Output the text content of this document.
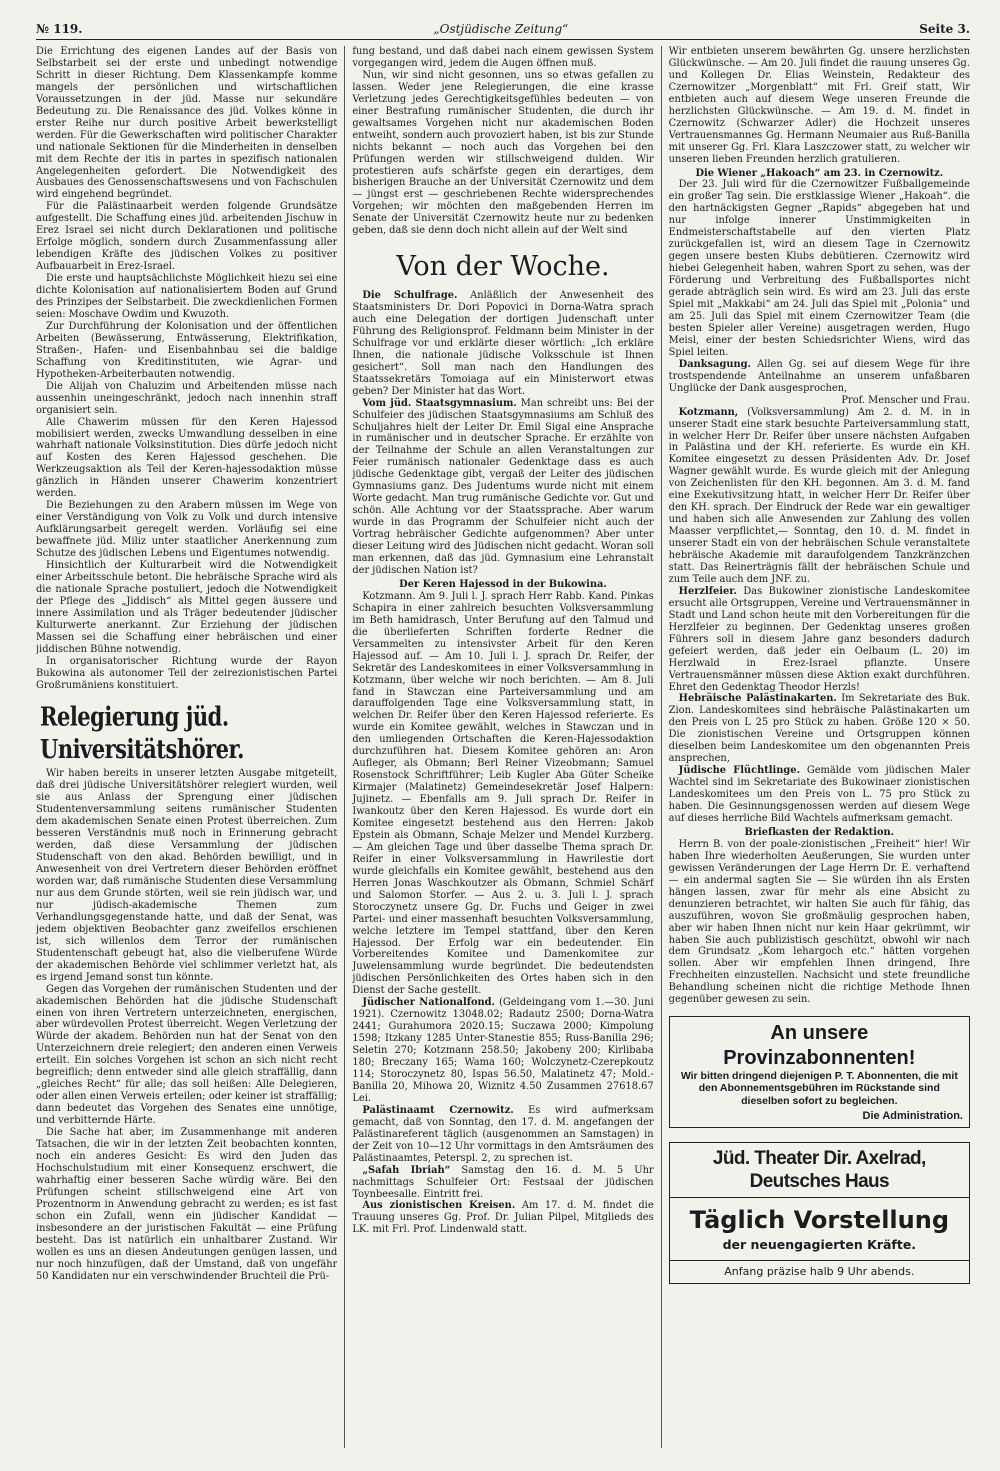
№ 119.	„Ostjüdische Zeitung“	Seite 3.

Die Errichtung des eigenen Landes auf der Basis von Selbstarbeit sei der erste und unbedingt notwendige Schritt in dieser Richtung. Dem Klassenkampfe komme mangels der persönlichen und wirtschaftlichen Voraussetzungen in der jüd. Masse nur sekundäre Bedeutung zu. Die Renaissance des jüd. Volkes könne in erster Reihe nur durch positive Arbeit bewerkstelligt werden. Für die Gewerkschaften wird politischer Charakter und nationale Sektionen für die Minderheiten in denselben mit dem Rechte der itis in partes in spezifisch nationalen Angelegenheiten gefordert. Die Notwendigkeit des Ausbaues des Genossenschaftswesens und von Fachschulen wird eingehend begründet.

Für die Palästinaarbeit werden folgende Grundsätze aufgestellt. Die Schaffung eines jüd. arbeitenden Jischuw in Erez Israel sei nicht durch Deklarationen und politische Erfolge möglich, sondern durch Zusammenfassung aller lebendigen Kräfte des jüdischen Volkes zu positiver Aufbauarbeit in Erez-Israel.

Die erste und hauptsächlichste Möglichkeit hiezu sei eine dichte Kolonisation auf nationalisiertem Boden auf Grund des Prinzipes der Selbstarbeit. Die zweckdienlichen Formen seien: Moschave Owdim und Kwuzoth.

Zur Durchführung der Kolonisation und der öffentlichen Arbeiten (Bewässerung, Entwässerung, Elektrifikation, Straßen-, Hafen- und Eisenbahnbau sei die baldige Schaffung von Kreditinstituten, wie Agrar- und Hypotheken-Arbeiterbauten notwendig.

Die Alijah von Chaluzim und Arbeitenden müsse nach aussenhin uneingeschränkt, jedoch nach innenhin straff organisiert sein.

Alle Chawerim müssen für den Keren Hajessod mobilisiert werden, zwecks Umwandlung desselben in eine wahrhaft nationale Volksinstitution. Dies dürfe jedoch nicht auf Kosten des Keren Hajessod geschehen. Die Werkzeugsaktion als Teil der Keren-hajessodaktion müsse gänzlich in Händen unserer Chawerim konzentriert werden.

Die Beziehungen zu den Arabern müssen im Wege von einer Verständigung von Volk zu Volk und durch intensive Aufklärungsarbeit geregelt werden. Vorläufig sei eine bewaffnete jüd. Miliz unter staatlicher Anerkennung zum Schutze des jüdischen Lebens und Eigentumes notwendig.

Hinsichtlich der Kulturarbeit wird die Notwendigkeit einer Arbeitsschule betont. Die hebräische Sprache wird als die nationale Sprache postuliert, jedoch die Notwendigkeit der Pflege des „Jiddisch“ als Mittel gegen äussere und innere Assimilation und als Träger bedeutender jüdischer Kulturwerte anerkannt. Zur Erziehung der jüdischen Massen sei die Schaffung einer hebräischen und einer jiddischen Bühne notwendig.

In organisatorischer Richtung wurde der Rayon Bukowina als autonomer Teil der zeirezionistischen Partei Großrumäniens konstituiert.

Relegierung jüd. Universitätshörer.

Wir haben bereits in unserer letzten Ausgabe mitgeteilt, daß drei jüdische Universitätshörer relegiert wurden, weil sie aus Anlass der Sprengung einer jüdischen Studentenversammlung seitens rumänischer Studenten dem akademischen Senate einen Protest überreichen. Zum besseren Verständnis muß noch in Erinnerung gebracht werden, daß diese Versammlung der jüdischen Studenschaft von den akad. Behörden bewilligt, und in Anwesenheit von drei Vertretern dieser Behörden eröffnet worden war, daß rumänische Studenten diese Versammlung nur aus dem Grunde störten, weil sie rein jüdisch war, und nur jüdisch-akademische Themen zum Verhandlungsgegenstande hatte, und daß der Senat, was jedem objektiven Beobachter ganz zweifellos erschienen ist, sich willenlos dem Terror der rumänischen Studentenschaft gebeugt hat, also die vielberufene Würde der akademischen Behörde viel schlimmer verletzt hat, als es irgend Jemand sonst tun könnte.

Gegen das Vorgehen der rumänischen Studenten und der akademischen Behörden hat die jüdische Studenschaft einen von ihren Vertretern unterzeichneten, energischen, aber würdevollen Protest überreicht. Wegen Verletzung der Würde der akadem. Behörden nun hat der Senat von den Unterzeichnern dreie relegiert; den anderen einen Verweis erteilt. Ein solches Vorgehen ist schon an sich nicht recht begreiflich; denn entweder sind alle gleich straffällig, dann „gleiches Recht“ für alle; das soll heißen: Alle Delegieren, oder allen einen Verweis erteilen; oder keiner ist straffällig; dann bedeutet das Vorgehen des Senates eine unnötige, und verbitternde Härte.

Die Sache hat aber, im Zusammenhange mit anderen Tatsachen, die wir in der letzten Zeit beobachten konnten, noch ein anderes Gesicht: Es wird den Juden das Hochschulstudium mit einer Konsequenz erschwert, die wahrhaftig einer besseren Sache würdig wäre. Bei den Prüfungen scheint stillschweigend eine Art von Prozentnorm in Anwendung gebracht zu werden; es ist fast schon ein Zufall, wenn ein jüdischer Kandidat — insbesondere an der juristischen Fakultät — eine Prüfung besteht. Das ist natürlich ein unhaltbarer Zustand. Wir wollen es uns an diesen Andeutungen genügen lassen, und nur noch hinzufügen, daß der Umstand, daß von ungefähr 50 Kandidaten nur ein verschwindender Bruchteil die Prü-

fung bestand, und daß dabei nach einem gewissen System vorgegangen wird, jedem die Augen öffnen muß.

Nun, wir sind nicht gesonnen, uns so etwas gefallen zu lassen. Weder jene Relegierungen, die eine krasse Verletzung jedes Gerechtigkeitsgefühles bedeuten — von einer Bestrafung rumänischer Studenten, die durch ihr gewaltsames Vorgehen nicht nur akademischen Boden entweiht, sondern auch provoziert haben, ist bis zur Stunde nichts bekannt — noch auch das Vorgehen bei den Prüfungen werden wir stillschweigend dulden. Wir protestieren aufs schärfste gegen ein derartiges, dem bisherigen Brauche an der Universität Czernowitz und dem — jüngst erst — geschriebenen Rechte widersprechendes Vorgehen; wir möchten den maßgebenden Herren im Senate der Universität Czernowitz heute nur zu bedenken geben, daß sie denn doch nicht allein auf der Welt sind

Von der Woche.

Die Schulfrage. Anläßlich der Anwesenheit des Staatsministers Dr. Dori Popovici in Dorna-Watra sprach auch eine Delegation der dortigen Judenschaft unter Führung des Religionsprof. Feldmann beim Minister in der Schulfrage vor und erklärte dieser wörtlich: „Ich erkläre Ihnen, die nationale jüdische Volksschule ist Ihnen gesichert“. Soll man nach den Handlungen des Staatssekretärs Tomoiaga auf ein Ministerwort etwas geben? Der Minister hat das Wort.

Vom jüd. Staatsgymnasium. Man schreibt uns: Bei der Schulfeier des jüdischen Staatsgymnasiums am Schluß des Schuljahres hielt der Leiter Dr. Emil Sigal eine Ansprache in rumänischer und in deutscher Sprache. Er erzählte von der Teilnahme der Schule an allen Veranstaltungen zur Feier rumänisch nationaler Gedenktage dass es auch jüdische Gedenktage gibt, vergaß der Leiter des jüdischen Gymnasiums ganz. Des Judentums wurde nicht mit einem Worte gedacht. Man trug rumänische Gedichte vor. Gut und schön. Alle Achtung vor der Staatssprache. Aber warum wurde in das Programm der Schulfeier nicht auch der Vortrag hebräischer Gedichte aufgenommen? Aber unter dieser Leitung wird des Jüdischen nicht gedacht. Woran soll man erkennen, daß das jüd. Gymnasium eine Lehranstalt der jüdischen Nation ist?

Der Keren Hajessod in der Bukowina.

Kotzmann. Am 9. Juli l. J. sprach Herr Rabb. Kand. Pinkas Schapira in einer zahlreich besuchten Volksversammlung im Beth hamidrasch, Unter Berufung auf den Talmud und die überlieferten Schriften forderte Redner die Versammelten zu intensivster Arbeit für den Keren Hajessod auf. — Am 10. Juli l. J. sprach Dr. Reifer, der Sekretär des Landeskomitees in einer Volksversammlung in Kotzmann, über welche wir noch berichten. — Am 8. Juli fand in Stawczan eine Parteiversammlung und am darauffolgenden Tage eine Volksversammlung statt, in welchen Dr. Reifer über den Keren Hajessod referierte. Es wurde ein Komitee gewählt, welches in Stawczan und in den umliegenden Ortschaften die Keren-Hajessodaktion durchzuführen hat. Diesem Komitee gehören an: Aron Aufleger, als Obmann; Berl Reiner Vizeobmann; Samuel Rosenstock Schriftführer; Leib Kugler Aba Güter Scheike Kirmajer (Malatinetz) Gemeindesekretär Josef Halpern: Jujinetz. — Ebenfalls am 9. Juli sprach Dr. Reifer in Iwankoutz über den Keren Hajessod. Es wurde dort ein Komitee eingesetzt bestehend aus den Herren: Jakob Epstein als Obmann, Schaje Melzer und Mendel Kurzberg.— Am gleichen Tage und über dasselbe Thema sprach Dr. Reifer in einer Volksversammlung in Hawrilestie dort wurde gleichfalls ein Komitee gewählt, bestehend aus den Herren Jonas Waschkoutzer als Obmann, Schmiel Schärf und Salomon Storfer. — Aus 2. u. 3. Juli l. J. sprach Storoczynetz unsere Gg. Dr. Fuchs und Geiger in zwei Partei- und einer massenhaft besuchten Volksversammlung, welche letztere im Tempel stattfand, über den Keren Hajessod. Der Erfolg war ein bedeutender. Ein Vorbereitendes Komitee und Damenkomitee zur Juwelensammlung wurde begründet. Die bedeutendsten jüdischen Persönlichkeiten des Ortes haben sich in den Dienst der Sache gestellt.

Jüdischer Nationalfond. (Geldeingang vom 1.—30. Juni 1921). Czernowitz 13048.02; Radautz 2500; Dorna-Watra 2441; Gurahumora 2020.15; Suczawa 2000; Kimpolung 1598; Itzkany 1285 Unter-Stanestie 855; Russ-Banilla 296; Seletin 270; Kotzmann 258.50; Jakobeny 200; Kirlibaba 180; Breczany 165; Wama 160; Wolczynetz-Czerepkoutz 114; Storoczynetz 80, Ispas 56.50, Malatinetz 47; Mold.-Banilla 20, Mihowa 20, Wiznitz 4.50 Zusammen 27618.67 Lei.

Palästinaamt Czernowitz. Es wird aufmerksam gemacht, daß von Sonntag, den 17. d. M. angefangen der Palästinareferent täglich (ausgenommen an Samstagen) in der Zeit von 10—12 Uhr vormittags in den Amtsräumen des Palästinaamtes, Peterspl. 2, zu sprechen ist.

„Safah Ibriah“ Samstag den 16. d. M. 5 Uhr nachmittags Schulfeier Ort: Festsaal der jüdischen Toynbeesalle. Eintritt frei.

Aus zionistischen Kreisen. Am 17. d. M. findet die Trauung unseres Gg. Prof. Dr. Julian Pilpel, Mitglieds des LK. mit Frl. Prof. Lindenwald statt.

Wir entbieten unserem bewährten Gg. unsere herzlichsten Glückwünsche. — Am 20. Juli findet die rauung unseres Gg. und Kollegen Dr. Elias Weinstein, Redakteur des Czernowitzer „Morgenblatt“ mit Frl. Greif statt, Wir entbieten auch auf diesem Wege unseren Freunde die herzlichsten Glückwünsche. — Am 19. d. M. findet in Czernowitz (Schwarzer Adler) die Hochzeit unseres Vertrauensmannes Gg. Hermann Neumaier aus Ruß-Banilla mit unserer Gg. Frl. Klara Laszczower statt, zu welcher wir unseren lieben Freunden herzlich gratulieren.

Die Wiener „Hakoach“ am 23. in Czernowitz.

Der 23. Juli wird für die Czernowitzer Fußballgemeinde ein großer Tag sein. Die erstklassige Wiener „Hakoah“. die den hartnäckigsten Gegner „Rapids“ abgegeben hat und nur infolge innerer Unstimmigkeiten in Endmeisterschaftstabelle auf den vierten Platz zurückgefallen ist, wird an diesem Tage in Czernowitz gegen unsere besten Klubs debütieren. Czernowitz wird hiebei Gelegenheit haben, wahren Sport zu sehen, was der Förderung und Verbreitung des Fußballsportes nicht gerade abträglich sein wird. Es wird am 23. Juli das erste Spiel mit „Makkabi“ am 24. Juli das Spiel mit „Polonia“ und am 25. Juli das Spiel mit einem Czernowitzer Team (die besten Spieler aller Vereine) ausgetragen werden, Hugo Meisl, einer der besten Schiedsrichter Wiens, wird das Spiel leiten.

Danksagung. Allen Gg. sei auf diesem Wege für ihre trostspendende Anteilnahme an unserem unfaßbaren Unglücke der Dank ausgesprochen,

Prof. Menscher und Frau.

Kotzmann, (Volksversammlung) Am 2. d. M. in in unserer Stadt eine stark besuchte Parteiversammlung statt, in welcher Herr Dr. Reifer über unsere nächsten Aufgaben in Palästina und der KH. referierte. Es wurde ein KH. Komitee eingesetzt zu dessen Präsidenten Adv. Dr. Josef Wagner gewählt wurde. Es wurde gleich mit der Anlegung von Zeichenlisten für den KH. begonnen. Am 3. d. M. fand eine Exekutivsitzung htatt, in welcher Herr Dr. Reifer über den KH. sprach. Der Eindruck der Rede war ein gewaltiger und haben sich alle Anwesenden zur Zahlung des vollen Maasser verpflichtet,— Sonntag, den 10. d. M. findet in unserer Stadt ein von der hebräischen Schule veranstaltete hebräische Akademie mit daraufolgendem Tanzkränzchen statt. Das Reinerträgnis fällt der hebräischen Schule und zum Teile auch dem JNF. zu.

Herzlfeier. Das Bukowiner zionistische Landeskomitee ersucht alle Ortsgruppen, Vereine und Vertrauensmänner in Stadt und Land schon heute mit den Vorbereitungen für die Herzlfeier zu beginnen. Der Gedenktag unseres großen Führers soll in diesem Jahre ganz besonders dadurch gefeiert werden, daß jeder ein Oelbaum (L. 20) im Herzlwald in Erez-Israel pflanzte. Unsere Vertrauensmänner müssen diese Aktion exakt durchführen. Ehret den Gedenktag Theodor Herzls!

Hebräische Palästinakarten. Im Sekretariate des Buk. Zion. Landeskomitees sind hebräische Palästinakarten um den Preis von L 25 pro Stück zu haben. Größe 120 × 50. Die zionistischen Vereine und Ortsgruppen können dieselben beim Landeskomitee um den obgenannten Preis ansprechen,

Jüdische Flüchtlinge. Gemälde vom jüdischen Maler Wachtel sind im Sekretariate des Bukowinaer zionistischen Landeskomitees um den Preis von L. 75 pro Stück zu haben. Die Gesinnungsgenossen werden auf diesem Wege auf dieses herrliche Bild Wachtels aufmerksam gemacht.

Briefkasten der Redaktion.

Herrn B. von der poale-zionistischen „Freiheit“ hier! Wir haben Ihre wiederholten Aeußerungen, Sie wurden unter gewissen Veränderungen der Lage Herrn Dr. E. verhaftend — ein andermal sagten Sie — Sie würden ihn als Ersten hängen lassen, zwar für mehr als eine Absicht zu denunzieren betrachtet, wir halten Sie auch für fähig, das auszuführen, wovon Sie großmäulig gesprochen haben, aber wir haben Ihnen nicht nur kein Haar gekrümmt, wir haben Sie auch publizistisch geschützt, obwohl wir nach dem Grundsatz „Kom lehargoch etc.“ hätten vorgehen sollen. Aber wir empfehlen Ihnen dringend, Ihre Frechheiten einzustellen. Nachsicht und stete freundliche Behandlung scheinen nicht die richtige Methode Ihnen gegenüber gewesen zu sein.

An unsere Provinzabonnenten!
Wir bitten dringend diejenigen P. T. Abonnenten, die mit den Abonnementsgebühren im Rückstande sind dieselben sofort zu begleichen.
Die Administration.
Jüd. Theater Dir. Axelrad, Deutsches Haus
Täglich Vorstellung
der neuengagierten Kräfte.
Anfang präzise halb 9 Uhr abends.
